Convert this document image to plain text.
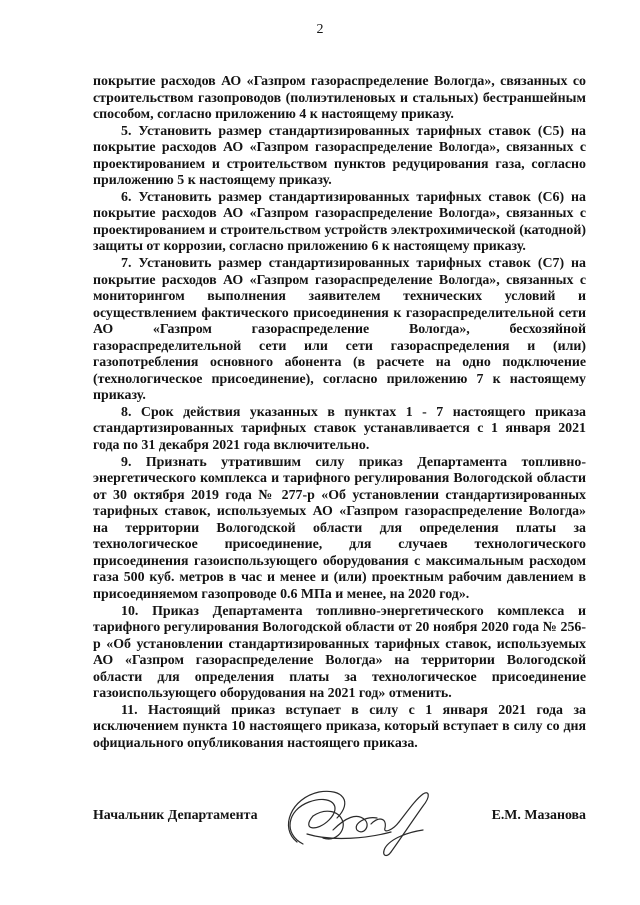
2

покрытие расходов АО «Газпром газораспределение Вологда», связанных со строительством газопроводов (полиэтиленовых и стальных) бестраншейным способом, согласно приложению 4 к настоящему приказу.

5. Установить размер стандартизированных тарифных ставок (С5) на покрытие расходов АО «Газпром газораспределение Вологда», связанных с проектированием и строительством пунктов редуцирования газа, согласно приложению 5 к настоящему приказу.

6. Установить размер стандартизированных тарифных ставок (С6) на покрытие расходов АО «Газпром газораспределение Вологда», связанных с проектированием и строительством устройств электрохимической (катодной) защиты от коррозии, согласно приложению 6 к настоящему приказу.

7. Установить размер стандартизированных тарифных ставок (С7) на покрытие расходов АО «Газпром газораспределение Вологда», связанных с мониторингом выполнения заявителем технических условий и осуществлением фактического присоединения к газораспределительной сети АО «Газпром газораспределение Вологда», бесхозяйной газораспределительной сети или сети газораспределения и (или) газопотребления основного абонента (в расчете на одно подключение (технологическое присоединение), согласно приложению 7 к настоящему приказу.

8. Срок действия указанных в пунктах 1 - 7 настоящего приказа стандартизированных тарифных ставок устанавливается с 1 января 2021 года по 31 декабря 2021 года включительно.

9. Признать утратившим силу приказ Департамента топливно-энергетического комплекса и тарифного регулирования Вологодской области от 30 октября 2019 года № 277-р «Об установлении стандартизированных тарифных ставок, используемых АО «Газпром газораспределение Вологда» на территории Вологодской области для определения платы за технологическое присоединение, для случаев технологического присоединения газоиспользующего оборудования с максимальным расходом газа 500 куб. метров в час и менее и (или) проектным рабочим давлением в присоединяемом газопроводе 0.6 МПа и менее, на 2020 год».

10. Приказ Департамента топливно-энергетического комплекса и тарифного регулирования Вологодской области от 20 ноября 2020 года № 256-р «Об установлении стандартизированных тарифных ставок, используемых АО «Газпром газораспределение Вологда» на территории Вологодской области для определения платы за технологическое присоединение газоиспользующего оборудования на 2021 год» отменить.

11. Настоящий приказ вступает в силу с 1 января 2021 года за исключением пункта 10 настоящего приказа, который вступает в силу со дня официального опубликования настоящего приказа.

Начальник Департамента	Е.М. Мазанова
